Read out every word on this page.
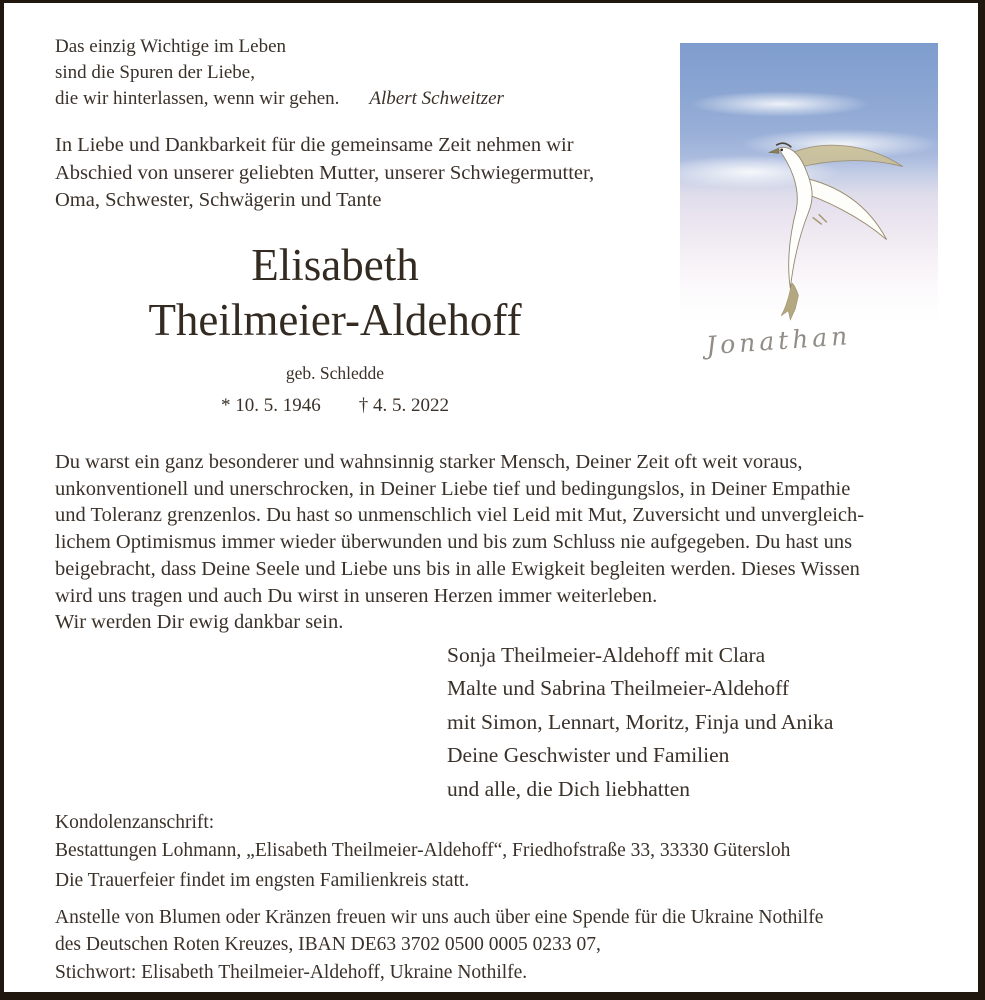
Das einzig Wichtige im Leben
sind die Spuren der Liebe,
die wir hinterlassen, wenn wir gehen. Albert Schweitzer
In Liebe und Dankbarkeit für die gemeinsame Zeit nehmen wir
Abschied von unserer geliebten Mutter, unserer Schwiegermutter,
Oma, Schwester, Schwägerin und Tante
Jonathan
Elisabeth
Theilmeier-Aldehoff
geb. Schledde
* 10. 5. 1946 † 4. 5. 2022
Du warst ein ganz besonderer und wahnsinnig starker Mensch, Deiner Zeit oft weit voraus,
unkonventionell und unerschrocken, in Deiner Liebe tief und bedingungslos, in Deiner Empathie
und Toleranz grenzenlos. Du hast so unmenschlich viel Leid mit Mut, Zuversicht und unvergleich-
lichem Optimismus immer wieder überwunden und bis zum Schluss nie aufgegeben. Du hast uns
beigebracht, dass Deine Seele und Liebe uns bis in alle Ewigkeit begleiten werden. Dieses Wissen
wird uns tragen und auch Du wirst in unseren Herzen immer weiterleben.
Wir werden Dir ewig dankbar sein.
Sonja Theilmeier-Aldehoff mit Clara
Malte und Sabrina Theilmeier-Aldehoff
mit Simon, Lennart, Moritz, Finja und Anika
Deine Geschwister und Familien
und alle, die Dich liebhatten
Kondolenzanschrift:
Bestattungen Lohmann, „Elisabeth Theilmeier-Aldehoff“, Friedhofstraße 33, 33330 Gütersloh
Die Trauerfeier findet im engsten Familienkreis statt.
Anstelle von Blumen oder Kränzen freuen wir uns auch über eine Spende für die Ukraine Nothilfe
des Deutschen Roten Kreuzes, IBAN DE63 3702 0500 0005 0233 07,
Stichwort: Elisabeth Theilmeier-Aldehoff, Ukraine Nothilfe.
